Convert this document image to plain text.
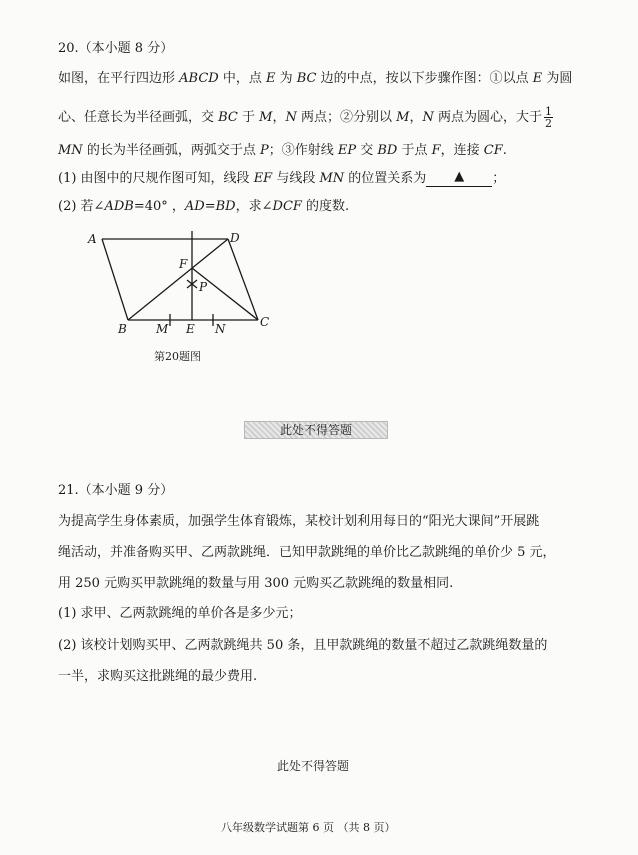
20.（本小题 8 分）
如图，在平行四边形 ABCD 中，点 E 为 BC 边的中点，按以下步骤作图：①以点 E 为圆
心、任意长为半径画弧，交 BC 于 M，N 两点；②分别以 M，N 两点为圆心，大于 $\frac{1}{2}$
MN 的长为半径画弧，两弧交于点 P；③作射线 EP 交 BD 于点 F，连接 CF.
(1) 由图中的尺规作图可知，线段 EF 与线段 MN 的位置关系为 ▲ ；
(2) 若∠ADB=40° ，AD=BD，求∠DCF 的度数.
A	D
B	C
M E N
F
P
第20题图
此处不得答题
21.（本小题 9 分）
为提高学生身体素质，加强学生体育锻炼，某校计划利用每日的“阳光大课间”开展跳
绳活动，并准备购买甲、乙两款跳绳．已知甲款跳绳的单价比乙款跳绳的单价少 5 元，
用 250 元购买甲款跳绳的数量与用 300 元购买乙款跳绳的数量相同.
(1) 求甲、乙两款跳绳的单价各是多少元；
(2) 该校计划购买甲、乙两款跳绳共 50 条，且甲款跳绳的数量不超过乙款跳绳数量的
一半，求购买这批跳绳的最少费用.
此处不得答题
八年级数学试题第 6 页 （共 8 页）
